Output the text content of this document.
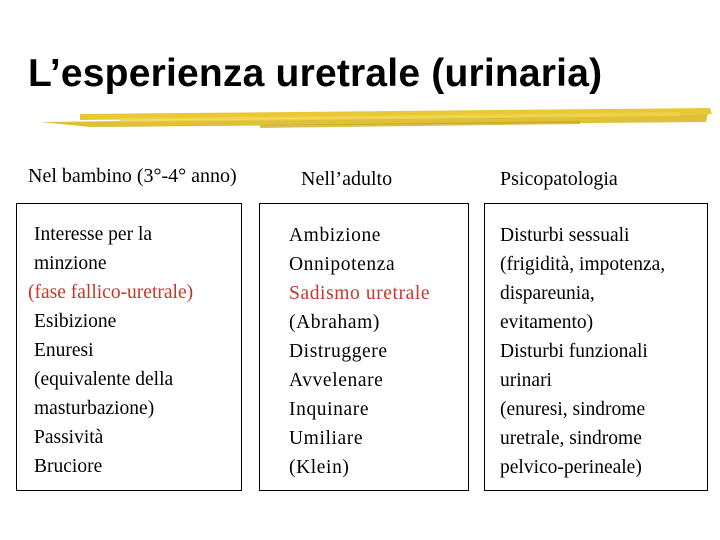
L’esperienza uretrale (urinaria)
Nel bambino (3°-4° anno)	Nell’adulto	Psicopatologia
Interesse per la
minzione
(fase fallico-uretrale)
Esibizione
Enuresi
(equivalente della
masturbazione)
Passività
Bruciore
Ambizione
Onnipotenza
Sadismo uretrale
(Abraham)
Distruggere
Avvelenare
Inquinare
Umiliare
(Klein)
Disturbi sessuali
(frigidità, impotenza,
dispareunia,
evitamento)
Disturbi funzionali
urinari
(enuresi, sindrome
uretrale, sindrome
pelvico-perineale)
